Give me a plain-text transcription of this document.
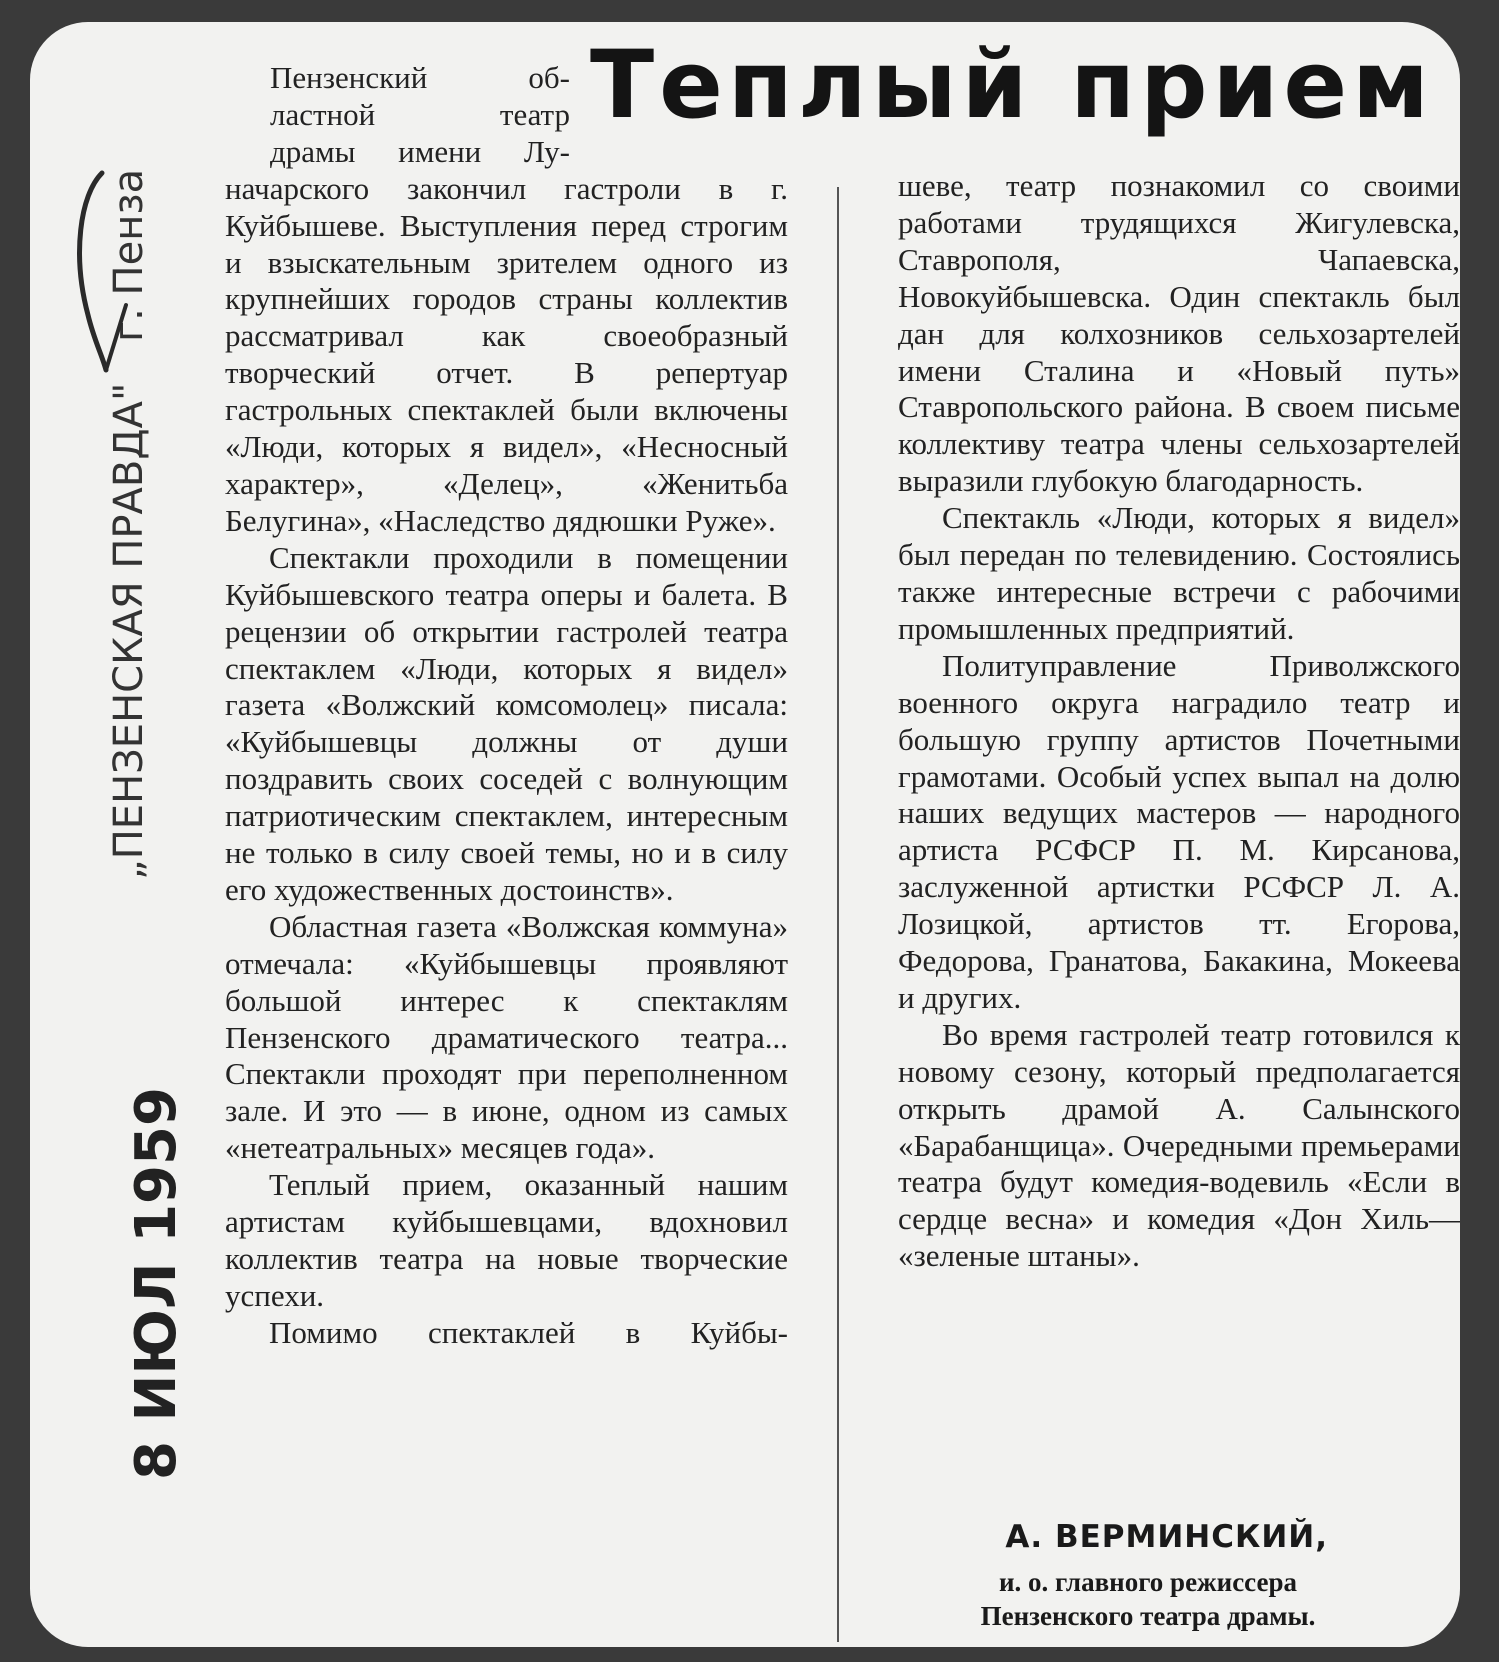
Теплый прием

Пензенский об-

ластной театр

драмы имени Лу-

начарского закончил гастроли в г. Куйбышеве. Выступления перед строгим и взыскательным зрителем одного из крупнейших городов страны коллектив рассматривал как своеобразный творческий отчет. В репертуар гастрольных спектаклей были включены «Люди, которых я видел», «Несносный характер», «Делец», «Женитьба Белугина», «Наследство дядюшки Руже».

Спектакли проходили в помещении Куйбышевского театра оперы и балета. В рецензии об открытии гастролей театра спектаклем «Люди, которых я видел» газета «Волжский комсомолец» писала: «Куйбышевцы должны от души поздравить своих соседей с волнующим патриотическим спектаклем, интересным не только в силу своей темы, но и в силу его художественных достоинств».

Областная газета «Волжская коммуна» отмечала: «Куйбышевцы проявляют большой интерес к спектаклям Пензенского драматического театра... Спектакли проходят при переполненном зале. И это — в июне, одном из самых «нетеатральных» месяцев года».

Теплый прием, оказанный нашим артистам куйбышевцами, вдохновил коллектив театра на новые творческие успехи.

Помимо спектаклей в Куйбы-

шеве, театр познакомил со своими работами трудящихся Жигулевска, Ставрополя, Чапаевска, Новокуйбышевска. Один спектакль был дан для колхозников сельхозартелей имени Сталина и «Новый путь» Ставропольского района. В своем письме коллективу театра члены сельхозартелей выразили глубокую благодарность.

Спектакль «Люди, которых я видел» был передан по телевидению. Состоялись также интересные встречи с рабочими промышленных предприятий.

Политуправление Приволжского военного округа наградило театр и большую группу артистов Почетными грамотами. Особый успех выпал на долю наших ведущих мастеров — народного артиста РСФСР П. М. Кирсанова, заслуженной артистки РСФСР Л. А. Лозицкой, артистов тт. Егорова, Федорова, Гранатова, Бакакина, Мокеева и других.

Во время гастролей театр готовился к новому сезону, который предполагается открыть драмой А. Салынского «Барабанщица». Очередными премьерами театра будут комедия-водевиль «Если в сердце весна» и комедия «Дон Хиль— «зеленые штаны».

А. ВЕРМИНСКИЙ,

и. о. главного режиссера
Пензенского театра драмы.
„ПЕНЗЕНСКАЯ ПРАВДА" г. Пенза
8 ИЮЛ 1959
